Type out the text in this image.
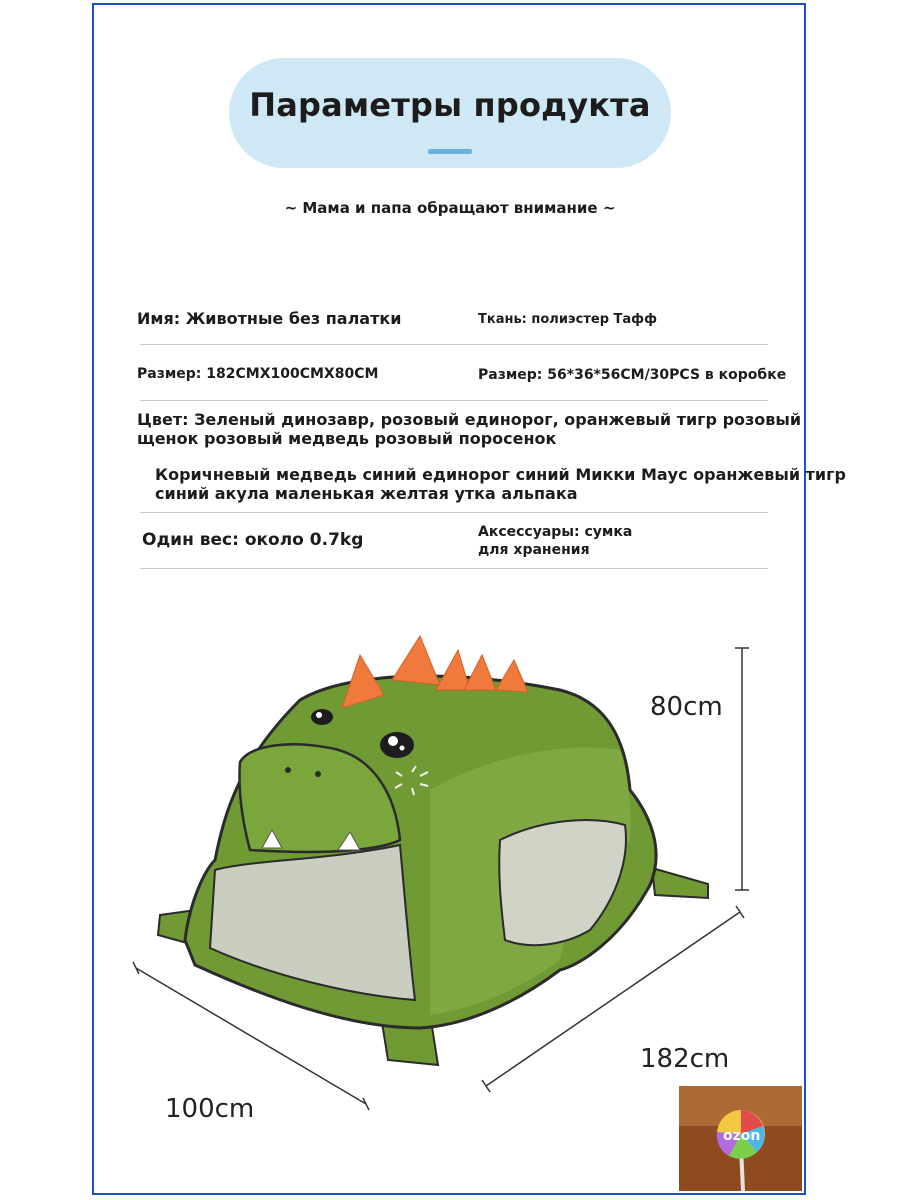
Параметры продукта
~ Мама и папа обращают внимание ~
Имя: Животные без палатки	Ткань: полиэстер Тафф
Размер: 182CMX100CMX80CM	Размер: 56*36*56CM/30PCS в коробке
Цвет: Зеленый динозавр, розовый единорог, оранжевый тигр розовый
щенок розовый медведь розовый поросенок
Коричневый медведь синий единорог синий Микки Маус оранжевый тигр
синий акула маленькая желтая утка альпака
Один вес: около 0.7kg	Аксессуары: сумка
для хранения
80cm
182cm
100cm
ozon
